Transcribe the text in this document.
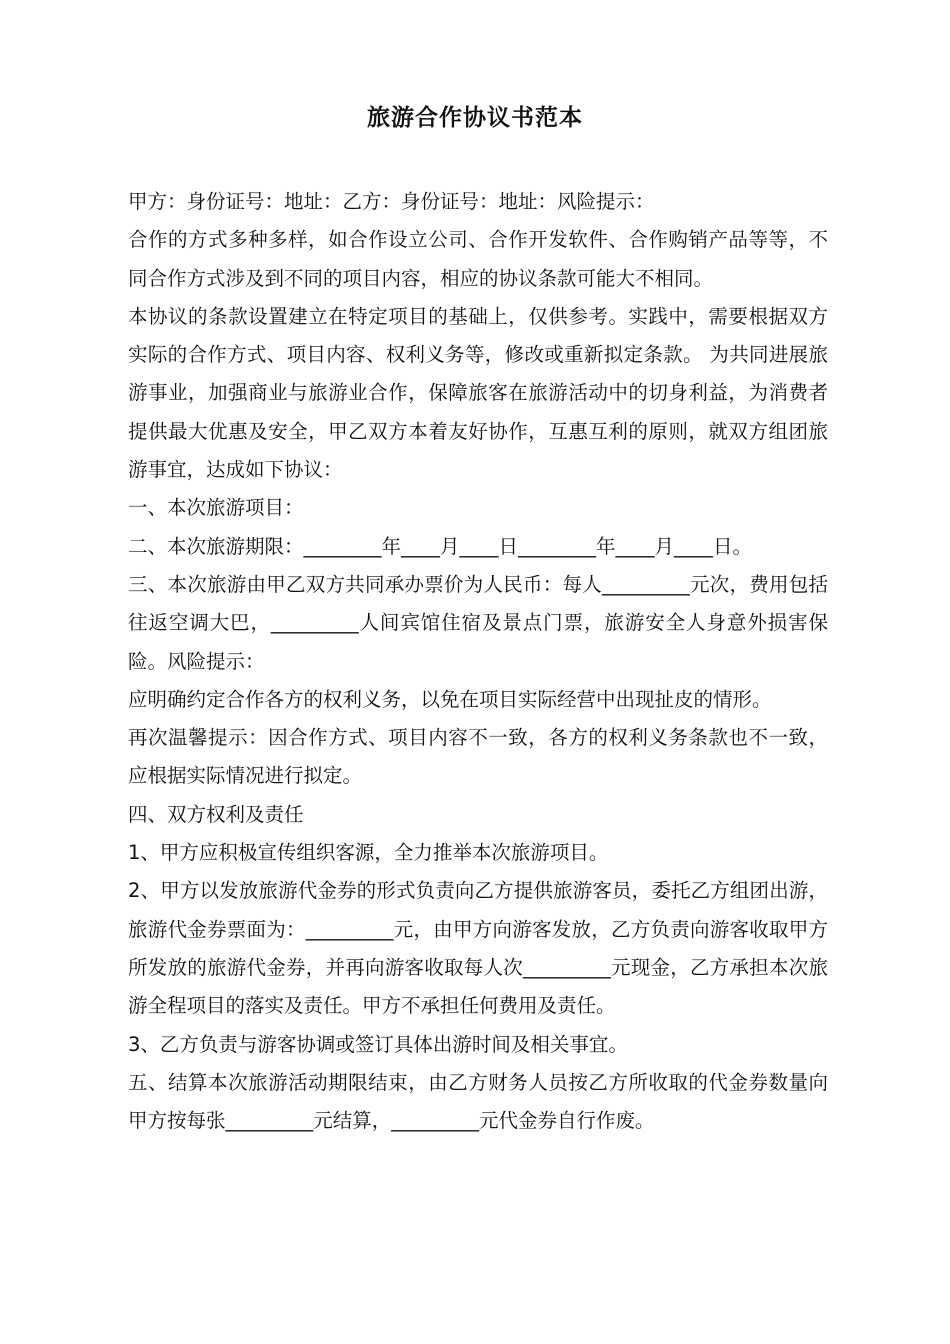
旅游合作协议书范本

甲方：身份证号：地址：乙方：身份证号：地址：风险提示：

合作的方式多种多样，如合作设立公司、合作开发软件、合作购销产品等等，不同合作方式涉及到不同的项目内容，相应的协议条款可能大不相同。

本协议的条款设置建立在特定项目的基础上，仅供参考。实践中，需要根据双方实际的合作方式、项目内容、权利义务等，修改或重新拟定条款。 为共同进展旅游事业，加强商业与旅游业合作，保障旅客在旅游活动中的切身利益，为消费者提供最大优惠及安全，甲乙双方本着友好协作，互惠互利的原则，就双方组团旅游事宜，达成如下协议：

一、本次旅游项目：

二、本次旅游期限：________年____月____日________年____月____日。

三、本次旅游由甲乙双方共同承办票价为人民币：每人_________元次，费用包括往返空调大巴，_________人间宾馆住宿及景点门票，旅游安全人身意外损害保险。风险提示：

应明确约定合作各方的权利义务，以免在项目实际经营中出现扯皮的情形。

再次温馨提示：因合作方式、项目内容不一致，各方的权利义务条款也不一致，应根据实际情况进行拟定。

四、双方权利及责任

1、甲方应积极宣传组织客源，全力推举本次旅游项目。

2、甲方以发放旅游代金券的形式负责向乙方提供旅游客员，委托乙方组团出游，旅游代金券票面为：_________元，由甲方向游客发放，乙方负责向游客收取甲方所发放的旅游代金券，并再向游客收取每人次_________元现金，乙方承担本次旅游全程项目的落实及责任。甲方不承担任何费用及责任。

3、乙方负责与游客协调或签订具体出游时间及相关事宜。

五、结算本次旅游活动期限结束，由乙方财务人员按乙方所收取的代金券数量向甲方按每张_________元结算，_________元代金券自行作废。
